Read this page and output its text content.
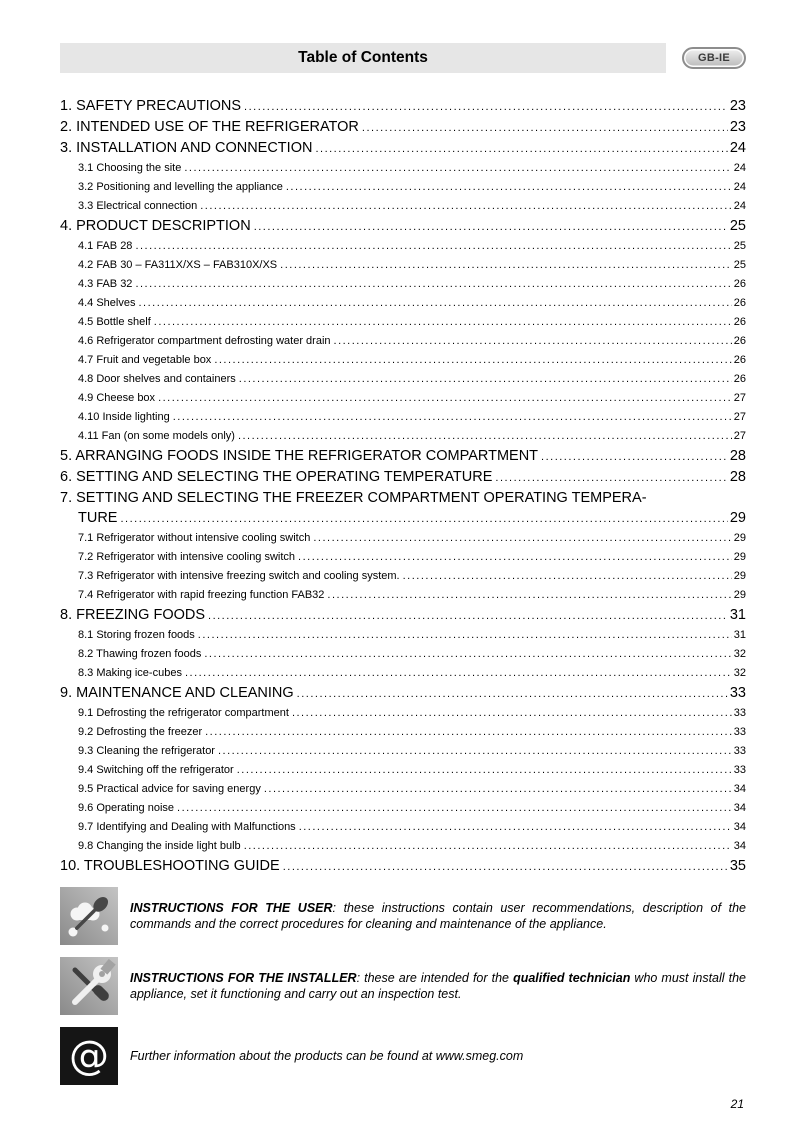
Table of Contents	GB-IE
1. SAFETY PRECAUTIONS .....	23
2. INTENDED USE OF THE REFRIGERATOR .....	23
3. INSTALLATION AND CONNECTION .....	24
3.1 Choosing the site .....	24
3.2 Positioning and levelling the appliance .....	24
3.3 Electrical connection .....	24
4. PRODUCT DESCRIPTION .....	25
4.1 FAB 28 .....	25
4.2 FAB 30 – FA311X/XS – FAB310X/XS .....	25
4.3 FAB 32 .....	26
4.4 Shelves .....	26
4.5 Bottle shelf .....	26
4.6 Refrigerator compartment defrosting water drain .....	26
4.7 Fruit and vegetable box .....	26
4.8 Door shelves and containers .....	26
4.9 Cheese box .....	27
4.10 Inside lighting .....	27
4.11 Fan (on some models only) .....	27
5. ARRANGING FOODS INSIDE THE REFRIGERATOR COMPARTMENT .....	28
6. SETTING AND SELECTING THE OPERATING TEMPERATURE .....	28
7. SETTING AND SELECTING THE FREEZER COMPARTMENT OPERATING TEMPERA-
TURE .....	29
7.1 Refrigerator without intensive cooling switch .....	29
7.2 Refrigerator with intensive cooling switch .....	29
7.3 Refrigerator with intensive freezing switch and cooling system. .....	29
7.4 Refrigerator with rapid freezing function FAB32 .....	29
8. FREEZING FOODS .....	31
8.1 Storing frozen foods .....	31
8.2 Thawing frozen foods .....	32
8.3 Making ice-cubes .....	32
9. MAINTENANCE AND CLEANING .....	33
9.1 Defrosting the refrigerator compartment .....	33
9.2 Defrosting the freezer .....	33
9.3 Cleaning the refrigerator .....	33
9.4 Switching off the refrigerator .....	33
9.5 Practical advice for saving energy .....	34
9.6 Operating noise .....	34
9.7 Identifying and Dealing with Malfunctions .....	34
9.8 Changing the inside light bulb .....	34
10. TROUBLESHOOTING GUIDE .....	35

INSTRUCTIONS FOR THE USER: these instructions contain user recommendations, description of the commands and the correct procedures for cleaning and maintenance of the appliance.

INSTRUCTIONS FOR THE INSTALLER: these are intended for the qualified technician who must install the appliance, set it functioning and carry out an inspection test.

@ Further information about the products can be found at www.smeg.com

21
